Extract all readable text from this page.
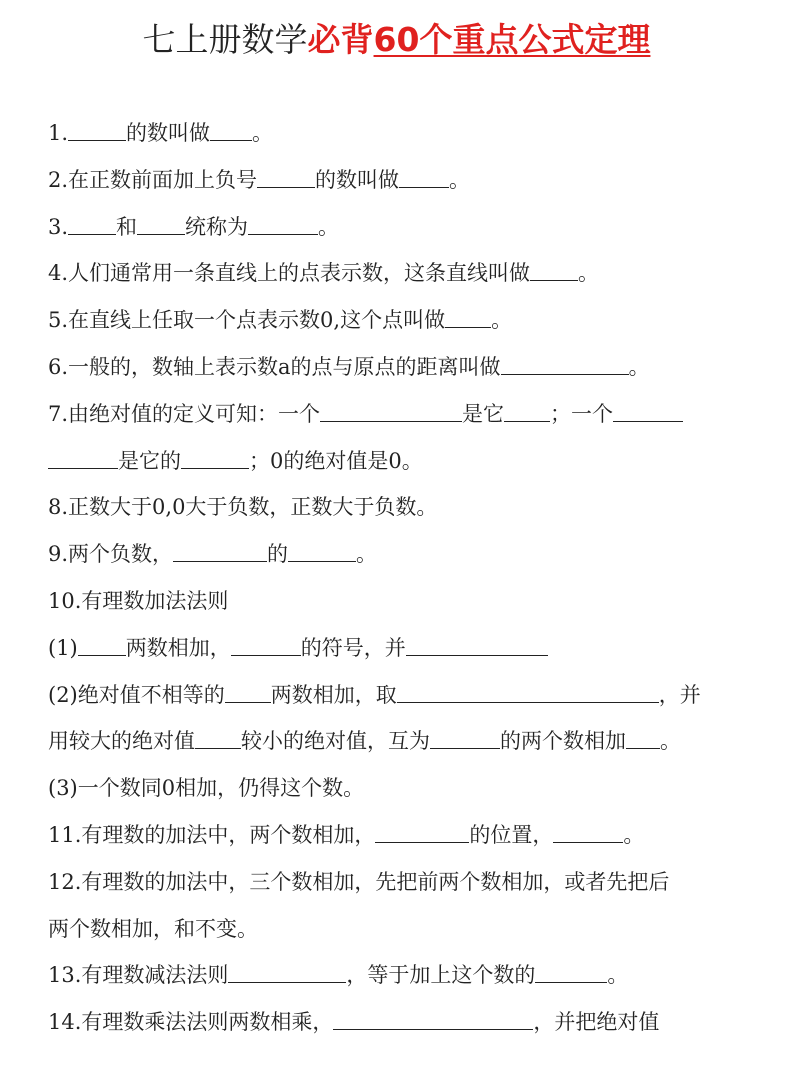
七上册数学必背60个重点公式定理
1.	的数叫做 。
2.在正数前面加上负号	的数叫做 。
3. 和 统称为	。
4.人们通常用一条直线上的点表示数，这条直线叫做 。
5.在直线上任取一个点表示数0,这个点叫做 。
6.一般的，数轴上表示数a的点与原点的距离叫做	。
7.由绝对值的定义可知：一个	是它 ；一个
是它的	；0的绝对值是0。
8.正数大于0,0大于负数，正数大于负数。
9.两个负数，	的	。
10.有理数加法法则
(1) 两数相加，	的符号，并
(2)绝对值不相等的 两数相加，取	，并
用较大的绝对值 较小的绝对值，互为	的两个数相加 。
(3)一个数同0相加，仍得这个数。
11.有理数的加法中，两个数相加，	的位置，	。
12.有理数的加法中，三个数相加，先把前两个数相加，或者先把后
两个数相加，和不变。
13.有理数减法法则	，等于加上这个数的	。
14.有理数乘法法则两数相乘，	，并把绝对值
